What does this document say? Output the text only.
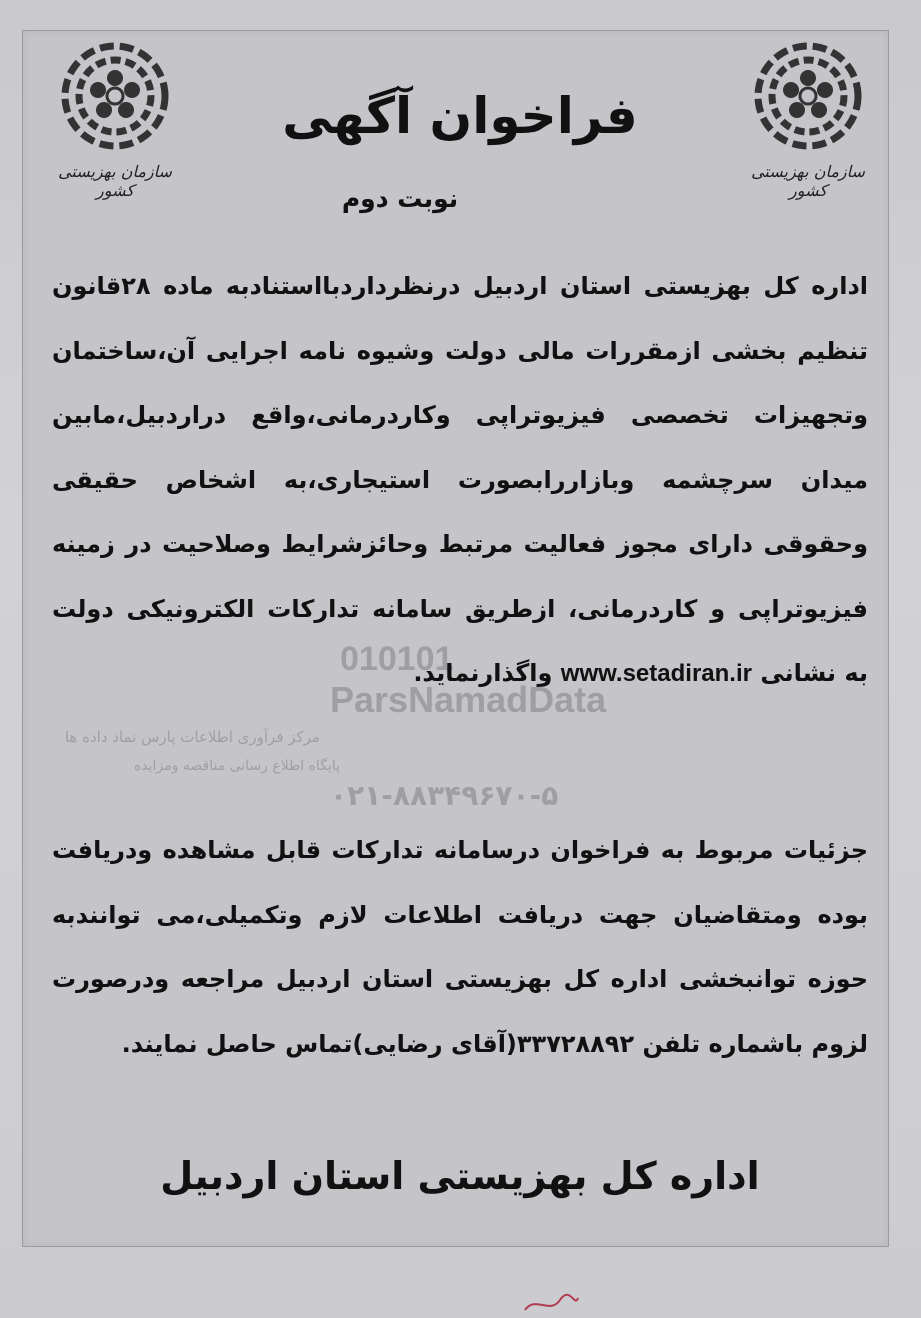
سازمان بهزیستی کشور
سازمان بهزیستی کشور
فراخوان آگهی
نوبت دوم
010101
ParsNamadData
مرکز فرآوری اطلاعات پارس نماد داده ها
پایگاه اطلاع رسانی مناقصه ومزایده
۰۲۱-۸۸۳۴۹۶۷۰-۵

اداره کل بهزیستی استان اردبیل درنظرداردبااستنادبه ماده ۲۸قانون تنظیم بخشی ازمقررات مالی دولت وشیوه نامه اجرایی آن،ساختمان وتجهیزات تخصصی فیزیوتراپی وکاردرمانی،واقع دراردبیل،مابین میدان سرچشمه وبازاررابصورت استیجاری،به اشخاص حقیقی وحقوقی دارای مجوز فعالیت مرتبط وحائزشرایط وصلاحیت در زمینه فیزیوتراپی و کاردرمانی، ازطریق سامانه تدارکات الکترونیکی دولت به نشانی www.setadiran.ir واگذارنماید.

جزئیات مربوط به فراخوان درسامانه تدارکات قابل مشاهده ودریافت بوده ومتقاضیان جهت دریافت اطلاعات لازم وتکمیلی،می توانندبه حوزه توانبخشی اداره کل بهزیستی استان اردبیل مراجعه ودرصورت لزوم باشماره تلفن ۳۳۷۲۸۸۹۲(آقای رضایی)تماس حاصل نمایند.

اداره کل بهزیستی استان اردبیل
